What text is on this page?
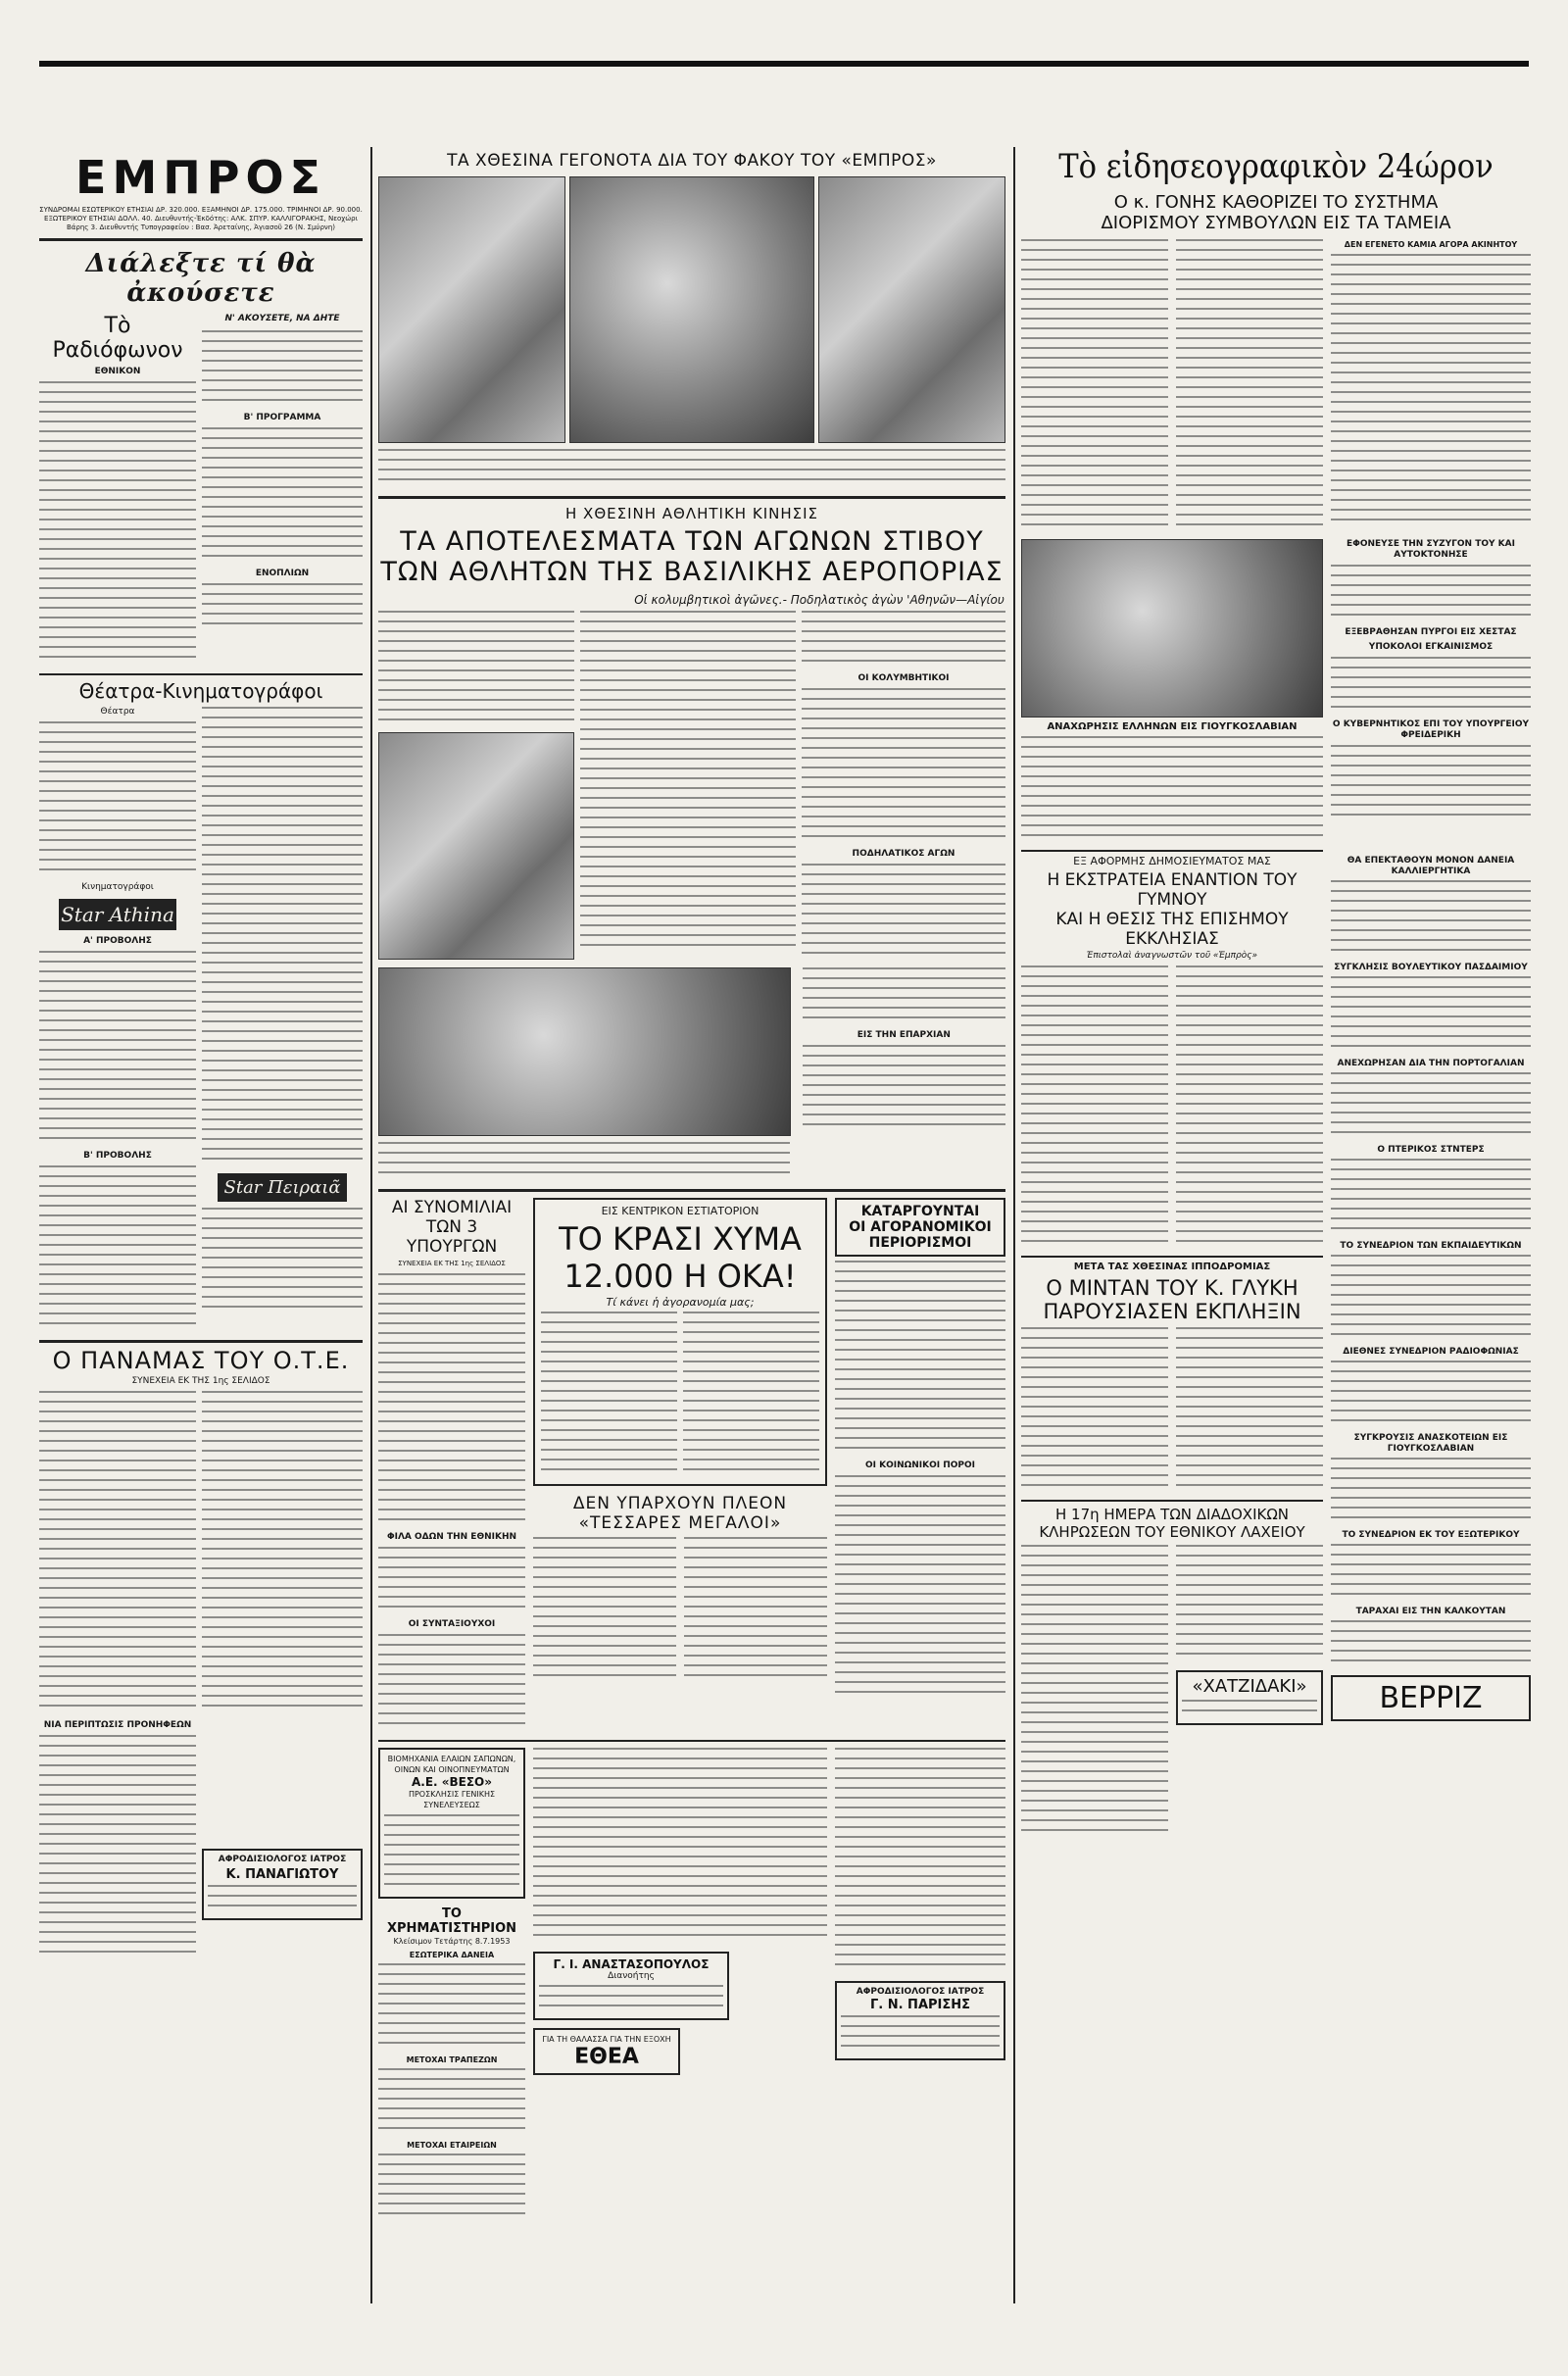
ΕΜΠΡΟΣ
ΣΥΝΔΡΟΜΑΙ ΕΣΩΤΕΡΙΚΟΥ ΕΤΗΣΙΑΙ ΔΡ. 320.000. ΕΞΑΜΗΝΟΙ ΔΡ. 175.000. ΤΡΙΜΗΝΟΙ ΔΡ. 90.000. ΕΞΩΤΕΡΙΚΟΥ ΕΤΗΣΙΑΙ ΔΟΛΛ. 40. Διευθυντής-Ἐκδότης: ΑΛΚ. ΣΠΥΡ. ΚΑΛΛΙΓΟΡΑΚΗΣ, Νεοχώρι Βάρης 3. Διευθυντής Τυπογραφείου : Βασ. Ἀρεταίνης, Ἀγιασοῦ 26 (Ν. Σμύρνη)
Διάλεξτε τί θὰ ἀκούσετε
Τὸ Ραδιόφωνον
ΕΘΝΙΚΟΝ
Ν' ΑΚΟΥΣΕΤΕ, ΝΑ ΔΗΤΕ
Β' ΠΡΟΓΡΑΜΜΑ
ΕΝΟΠΛΙΩΝ
Θέατρα-Κινηματογράφοι
Θέατρα
Κινηματογράφοι
Star Athina
Α' ΠΡΟΒΟΛΗΣ
Β' ΠΡΟΒΟΛΗΣ
Star Πειραιᾶ
Ο ΠΑΝΑΜΑΣ ΤΟΥ Ο.Τ.Ε.
ΣΥΝΕΧΕΙΑ ΕΚ ΤΗΣ 1ης ΣΕΛΙΔΟΣ
ΝΙΑ ΠΕΡΙΠΤΩΣΙΣ ΠΡΟΝΗΦΕΩΝ
ΑΦΡΟΔΙΣΙΟΛΟΓΟΣ ΙΑΤΡΟΣ
Κ. ΠΑΝΑΓΙΩΤΟΥ
ΤΑ ΧΘΕΣΙΝΑ ΓΕΓΟΝΟΤΑ ΔΙΑ ΤΟΥ ΦΑΚΟΥ ΤΟΥ «ΕΜΠΡΟΣ»
Η ΧΘΕΣΙΝΗ ΑΘΛΗΤΙΚΗ ΚΙΝΗΣΙΣ
ΤΑ ΑΠΟΤΕΛΕΣΜΑΤΑ ΤΩΝ ΑΓΩΝΩΝ ΣΤΙΒΟΥ
ΤΩΝ ΑΘΛΗΤΩΝ ΤΗΣ ΒΑΣΙΛΙΚΗΣ ΑΕΡΟΠΟΡΙΑΣ
Οἱ κολυμβητικοὶ ἀγῶνες.- Ποδηλατικὸς ἀγὼν 'Αθηνῶν—Αἰγίου
ΟΙ ΚΟΛΥΜΒΗΤΙΚΟΙ
ΠΟΔΗΛΑΤΙΚΟΣ ΑΓΩΝ
ΕΙΣ ΤΗΝ ΕΠΑΡΧΙΑΝ
ΑΙ ΣΥΝΟΜΙΛΙΑΙ
ΤΩΝ 3 ΥΠΟΥΡΓΩΝ
ΣΥΝΕΧΕΙΑ ΕΚ ΤΗΣ 1ης ΣΕΛΙΔΟΣ
ΦΙΛΑ ΟΔΩΝ ΤΗΝ ΕΘΝΙΚΗΝ
ΟΙ ΣΥΝΤΑΞΙΟΥΧΟΙ
ΕΙΣ ΚΕΝΤΡΙΚΟΝ ΕΣΤΙΑΤΟΡΙΟΝ
ΤΟ ΚΡΑΣΙ ΧΥΜΑ
12.000 Η ΟΚΑ!
Τί κάνει ἡ ἀγορανομία μας;
ΔΕΝ ΥΠΑΡΧΟΥΝ ΠΛΕΟΝ
«ΤΕΣΣΑΡΕΣ ΜΕΓΑΛΟΙ»
ΚΑΤΑΡΓΟΥΝΤΑΙ
ΟΙ ΑΓΟΡΑΝΟΜΙΚΟΙ
ΠΕΡΙΟΡΙΣΜΟΙ
ΟΙ ΚΟΙΝΩΝΙΚΟΙ ΠΟΡΟΙ
ΒΙΟΜΗΧΑΝΙΑ ΕΛΑΙΩΝ ΣΑΠΩΝΩΝ, ΟΙΝΩΝ ΚΑΙ ΟΙΝΟΠΝΕΥΜΑΤΩΝ
Α.Ε. «ΒΕΣΟ»
ΠΡΟΣΚΛΗΣΙΣ ΓΕΝΙΚΗΣ ΣΥΝΕΛΕΥΣΕΩΣ
ΤΟ ΧΡΗΜΑΤΙΣΤΗΡΙΟΝ
Κλείσιμον Τετάρτης 8.7.1953
ΕΣΩΤΕΡΙΚΑ ΔΑΝΕΙΑ
ΜΕΤΟΧΑΙ ΤΡΑΠΕΖΩΝ
ΜΕΤΟΧΑΙ ΕΤΑΙΡΕΙΩΝ
Γ. Ι. ΑΝΑΣΤΑΣΟΠΟΥΛΟΣ
Διανοήτης
ΓΙΑ ΤΗ ΘΑΛΑΣΣΑ ΓΙΑ ΤΗΝ ΕΞΟΧΗ
ΕΘΕΑ
ΑΦΡΟΔΙΣΙΟΛΟΓΟΣ ΙΑΤΡΟΣ
Γ. Ν. ΠΑΡΙΣΗΣ
Τὸ εἰδησεογραφικὸν 24ώρον
Ο κ. ΓΟΝΗΣ ΚΑΘΟΡΙΖΕΙ ΤΟ ΣΥΣΤΗΜΑ
ΔΙΟΡΙΣΜΟΥ ΣΥΜΒΟΥΛΩΝ ΕΙΣ ΤΑ ΤΑΜΕΙΑ
ΔΕΝ ΕΓΕΝΕΤΟ ΚΑΜΙΑ ΑΓΟΡΑ ΑΚΙΝΗΤΟΥ
ΑΝΑΧΩΡΗΣΙΣ ΕΛΛΗΝΩΝ ΕΙΣ ΓΙΟΥΓΚΟΣΛΑΒΙΑΝ
ΕΦΟΝΕΥΣΕ ΤΗΝ ΣΥΖΥΓΟΝ ΤΟΥ ΚΑΙ ΑΥΤΟΚΤΟΝΗΣΕ
ΕΞΕΒΡΑΘΗΣΑΝ ΠΥΡΓΟΙ ΕΙΣ ΧΕΣΤΑΣ
ΥΠΟΚΟΛΟΙ ΕΓΚΑΙΝΙΣΜΟΣ
Ο ΚΥΒΕΡΝΗΤΙΚΟΣ ΕΠΙ ΤΟΥ ΥΠΟΥΡΓΕΙΟΥ ΦΡΕΙΔΕΡΙΚΗ
ΕΞ ΑΦΟΡΜΗΣ ΔΗΜΟΣΙΕΥΜΑΤΟΣ ΜΑΣ
Η ΕΚΣΤΡΑΤΕΙΑ ΕΝΑΝΤΙΟΝ ΤΟΥ ΓΥΜΝΟΥ
ΚΑΙ Η ΘΕΣΙΣ ΤΗΣ ΕΠΙΣΗΜΟΥ ΕΚΚΛΗΣΙΑΣ
Ἐπιστολαὶ ἀναγνωστῶν τοῦ «Ἐμπρὸς»
ΜΕΤΑ ΤΑΣ ΧΘΕΣΙΝΑΣ ΙΠΠΟΔΡΟΜΙΑΣ
Ο ΜΙΝΤΑΝ ΤΟΥ Κ. ΓΛΥΚΗ
ΠΑΡΟΥΣΙΑΣΕΝ ΕΚΠΛΗΞΙΝ
Η 17η ΗΜΕΡΑ ΤΩΝ ΔΙΑΔΟΧΙΚΩΝ
ΚΛΗΡΩΣΕΩΝ ΤΟΥ ΕΘΝΙΚΟΥ ΛΑΧΕΙΟΥ
«ΧΑΤΖΙΔΑΚΙ»
ΘΑ ΕΠΕΚΤΑΘΟΥΝ ΜΟΝΟΝ ΔΑΝΕΙΑ ΚΑΛΛΙΕΡΓΗΤΙΚΑ
ΣΥΓΚΛΗΣΙΣ ΒΟΥΛΕΥΤΙΚΟΥ ΠΑΣΔΑΙΜΙΟΥ
ΑΝΕΧΩΡΗΣΑΝ ΔΙΑ ΤΗΝ ΠΟΡΤΟΓΑΛΙΑΝ
Ο ΠΤΕΡΙΚΟΣ ΣΤΝΤΕΡΣ
ΤΟ ΣΥΝΕΔΡΙΟΝ ΤΩΝ ΕΚΠΑΙΔΕΥΤΙΚΩΝ
ΔΙΕΘΝΕΣ ΣΥΝΕΔΡΙΟΝ ΡΑΔΙΟΦΩΝΙΑΣ
ΣΥΓΚΡΟΥΣΙΣ ΑΝΑΣΚΟΤΕΙΩΝ ΕΙΣ ΓΙΟΥΓΚΟΣΛΑΒΙΑΝ
ΤΟ ΣΥΝΕΔΡΙΟΝ ΕΚ ΤΟΥ ΕΞΩΤΕΡΙΚΟΥ
ΤΑΡΑΧΑΙ ΕΙΣ ΤΗΝ ΚΑΛΚΟΥΤΑΝ
ΒΕΡΡΙΖ
